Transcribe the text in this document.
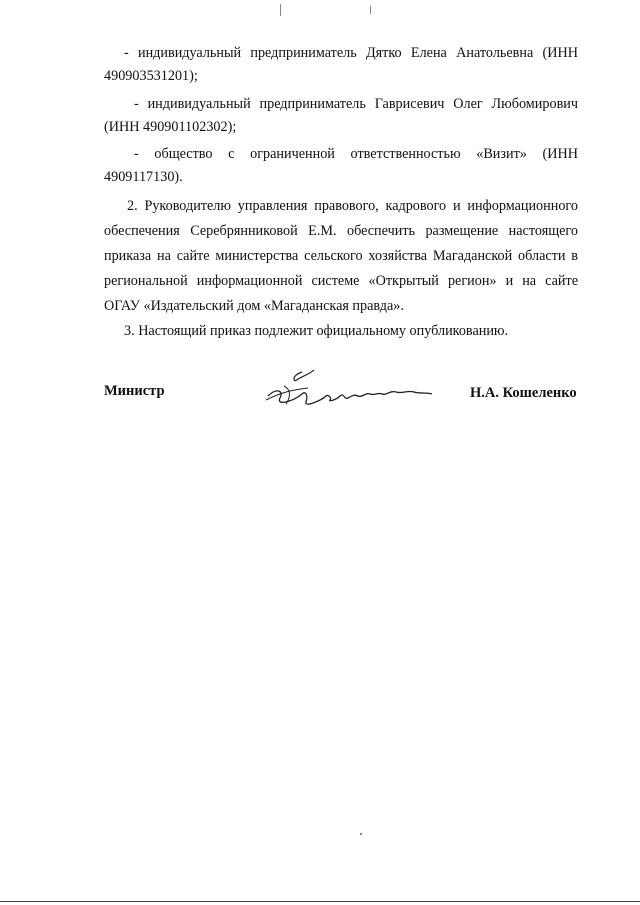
- индивидуальный предприниматель Дятко Елена Анатольевна (ИНН
490903531201);
- индивидуальный предприниматель Гаврисевич Олег Любомирович
(ИНН 490901102302);
- общество с ограниченной ответственностью «Визит» (ИНН
4909117130).
2. Руководителю управления правового, кадрового и информационного
обеспечения Серебрянниковой Е.М. обеспечить размещение настоящего
приказа на сайте министерства сельского хозяйства Магаданской области в
региональной информационной системе «Открытый регион» и на сайте
ОГАУ «Издательский дом «Магаданская правда».
3. Настоящий приказ подлежит официальному опубликованию.
Министр	Н.А. Кошеленко
